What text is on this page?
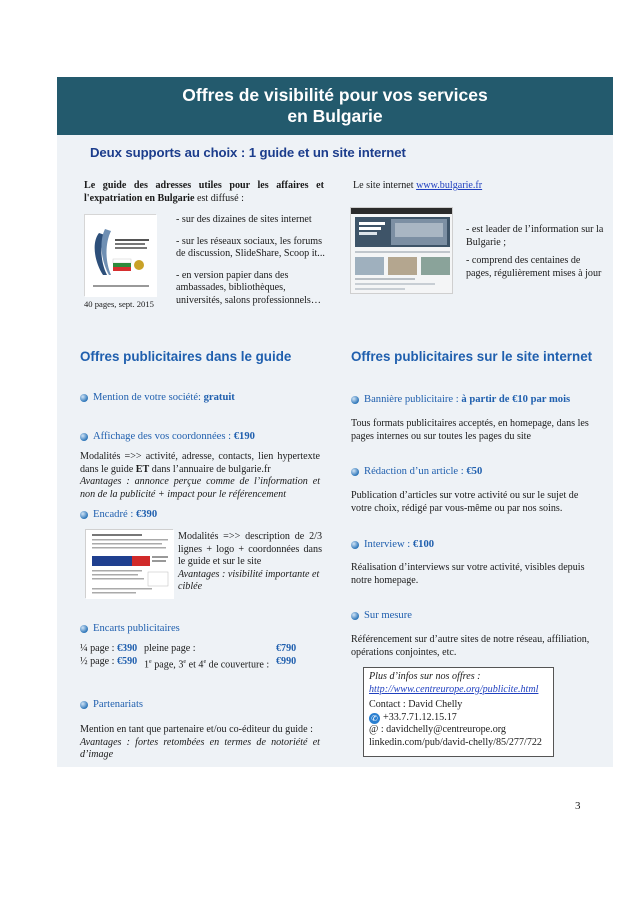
Offres de visibilité pour vos services
en Bulgarie
Deux supports au choix : 1 guide et un site internet
Le guide des adresses utiles pour les affaires et l'expatriation en Bulgarie est diffusé :
40 pages, sept. 2015
- sur des dizaines de sites internet
- sur les réseaux sociaux, les forums de discussion, SlideShare, Scoop it...
- en version papier dans des ambassades, bibliothèques, universités, salons professionnels…
Le site internet www.bulgarie.fr
- est leader de l’information sur la Bulgarie ;
- comprend des centaines de pages, régulièrement mises à jour
Offres publicitaires dans le guide
Mention de votre société: gratuit
Affichage des vos coordonnées : €190
Modalités =>> activité, adresse, contacts, lien hypertexte dans le guide ET dans l’annuaire de bulgarie.fr
Avantages : annonce perçue comme de l’information et non de la publicité + impact pour le référencement
Encadré : €390
Modalités =>> description de 2/3 lignes + logo + coordonnées dans le guide et sur le site
Avantages : visibilité importante et ciblée
Encarts publicitaires
¼ page : €390 pleine page :	€790
½ page : €590 1e page, 3e et 4e de couverture : €990
Partenariats
Mention en tant que partenaire et/ou co-éditeur du guide :
Avantages : fortes retombées en termes de notoriété et d’image
Offres publicitaires sur le site internet
Bannière publicitaire : à partir de €10 par mois
Tous formats publicitaires acceptés, en homepage, dans les pages internes ou sur toutes les pages du site
Rédaction d’un article : €50
Publication d’articles sur votre activité ou sur le sujet de votre choix, rédigé par vous-même ou par nos soins.
Interview : €100
Réalisation d’interviews sur votre activité, visibles depuis notre homepage.
Sur mesure
Référencement sur d’autre sites de notre réseau, affiliation, opérations conjointes, etc.
Plus d’infos sur nos offres :
http://www.centreurope.org/publicite.html
Contact : David Chelly
✆ +33.7.71.12.15.17
@ : davidchelly@centreurope.org
linkedin.com/pub/david-chelly/85/277/722
3
